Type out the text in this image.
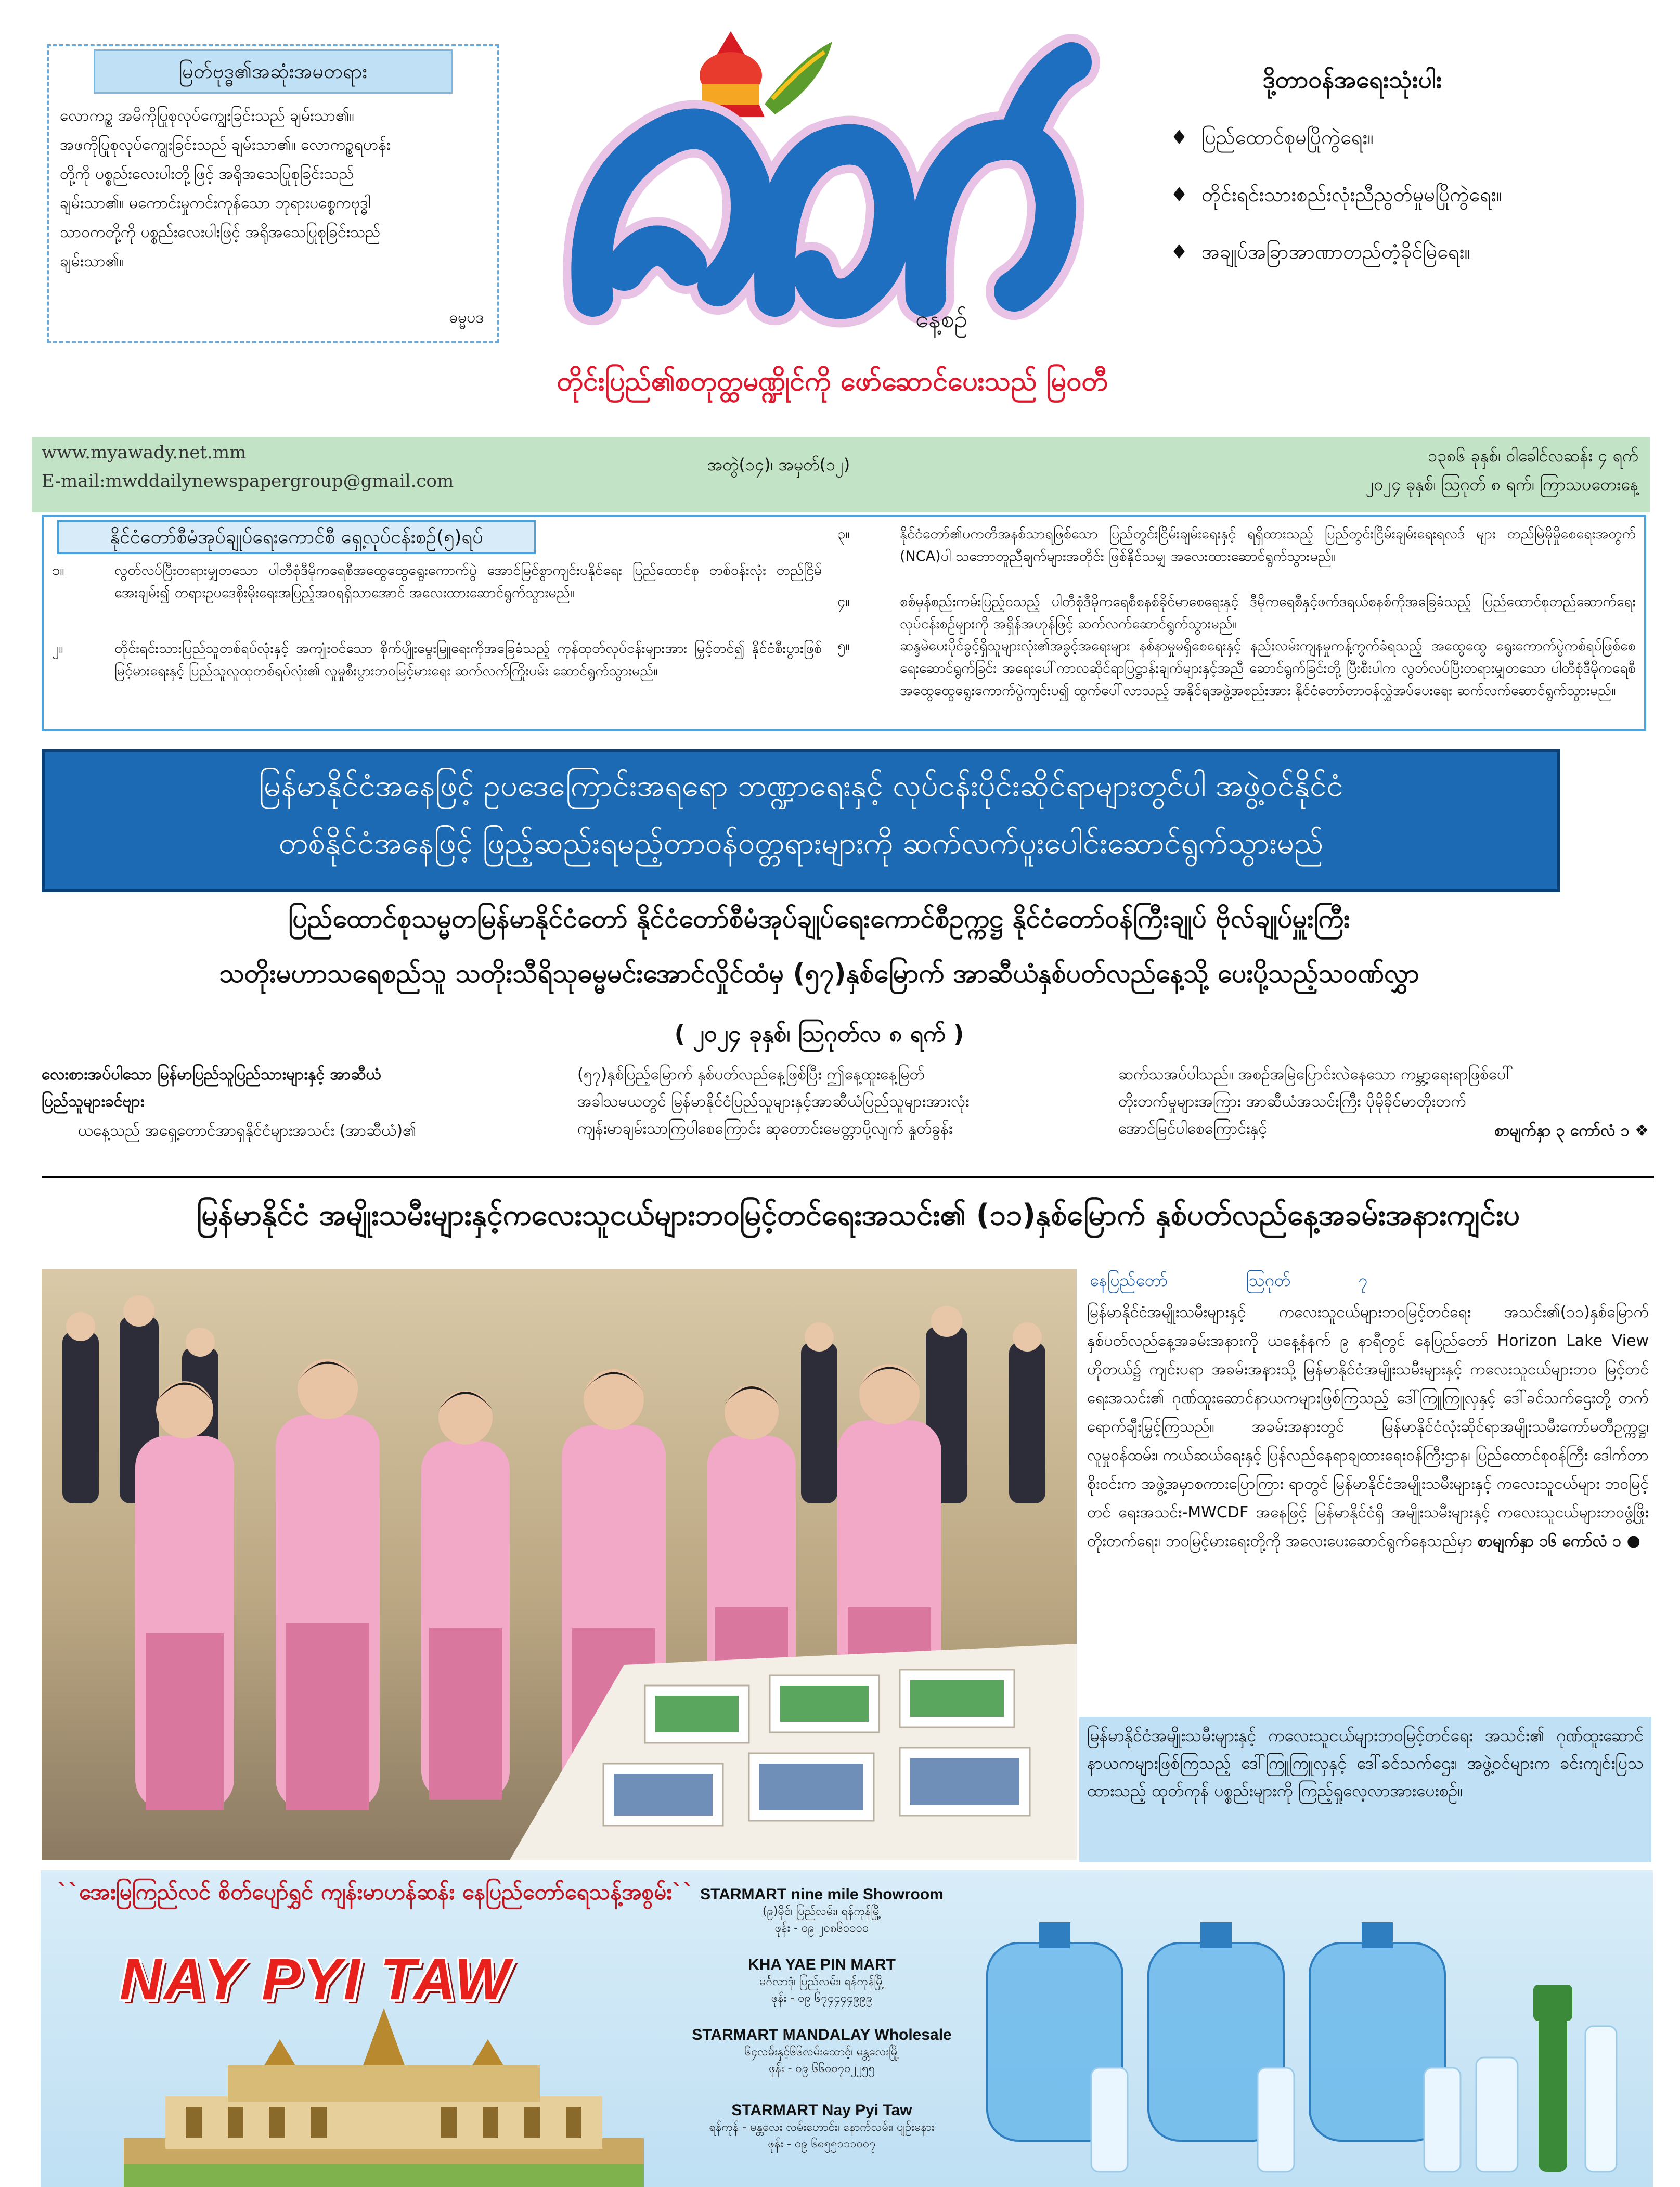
မြတ်ဗုဒ္ဓ၏အဆုံးအမတရား
လောကဥ္စ အမိကိုပြုစုလုပ်ကျွေးခြင်းသည် ချမ်းသာ၏။
အဖကိုပြုစုလုပ်ကျွေးခြင်းသည် ချမ်းသာ၏။ လောကဥ္စရဟန်း
တို့ကို ပစ္စည်းလေးပါးတို့ဖြင့် အရိုအသေပြုစုခြင်းသည်
ချမ်းသာ၏။ မကောင်းမှုကင်းကုန်သော ဘုရားပစ္စေကဗုဒ္ဓါ
သာဝကတို့ကို ပစ္စည်းလေးပါးဖြင့် အရိုအသေပြုစုခြင်းသည်
ချမ်းသာ၏။
ဓမ္မပဒ	နေ့စဉ်
တိုင်းပြည်၏စတုတ္ထမဏ္ဍိုင်ကို ဖော်ဆောင်ပေးသည် မြဝတီ
ဒို့တာဝန်အရေးသုံးပါး
♦ ပြည်ထောင်စုမပြိုကွဲရေး။
♦ တိုင်းရင်းသားစည်းလုံးညီညွတ်မှုမပြိုကွဲရေး။
♦ အချုပ်အခြာအာဏာတည်တံ့ခိုင်မြဲရေး။
www.myawady.net.mm
E-mail:mwddailynewspapergroup@gmail.com
အတွဲ(၁၄)၊ အမှတ်(၁၂)	၁၃၈၆ ခုနှစ်၊ ဝါခေါင်လဆန်း ၄ ရက်
၂၀၂၄ ခုနှစ်၊ ဩဂုတ် ၈ ရက်၊ ကြာသပတေးနေ့
နိုင်ငံတော်စီမံအုပ်ချုပ်ရေးကောင်စီ ရှေ့လုပ်ငန်းစဉ်(၅)ရပ်
၁။	လွတ်လပ်ပြီးတရားမျှတသော ပါတီစုံဒီမိုကရေစီအထွေထွေရွေးကောက်ပွဲ အောင်မြင်စွာကျင်းပနိုင်ရေး ပြည်ထောင်စု တစ်ဝန်းလုံး တည်ငြိမ်အေးချမ်း၍ တရားဥပဒေစိုးမိုးရေးအပြည့်အဝရရှိသာအောင် အလေးထားဆောင်ရွက်သွားမည်။
၂။	တိုင်းရင်းသားပြည်သူတစ်ရပ်လုံးနှင့် အကျုံးဝင်သော စိုက်ပျိုးမွေးမြူရေးကိုအခြေခံသည့် ကုန်ထုတ်လုပ်ငန်းများအား မြှင့်တင်၍ နိုင်ငံစီးပွားဖြစ်မြင့်မားရေးနှင့် ပြည်သူလူထုတစ်ရပ်လုံး၏ လူမှုစီးပွားဘဝမြင့်မားရေး ဆက်လက်ကြိုးပမ်း ဆောင်ရွက်သွားမည်။
၃။	နိုင်ငံတော်၏ပကတိအနစ်သာရဖြစ်သော ပြည်တွင်းငြိမ်းချမ်းရေးနှင့် ရရှိထားသည့် ပြည်တွင်းငြိမ်းချမ်းရေးရလဒ် များ တည်မြဲမိုမှိုစေရေးအတွက် (NCA)ပါ သဘောတူညီချက်များအတိုင်း ဖြစ်နိုင်သမျှ အလေးထားဆောင်ရွက်သွားမည်။
၄။	စစ်မှန်စည်းကမ်းပြည့်ဝသည့် ပါတီစုံဒီမိုကရေစီစနစ်ခိုင်မာစေရေးနှင့် ဒီမိုကရေစီနှင့်ဖက်ဒရယ်စနစ်ကိုအခြေခံသည့် ပြည်ထောင်စုတည်ဆောက်ရေးလုပ်ငန်းစဉ်များကို အရှိန်အဟုန်ဖြင့် ဆက်လက်ဆောင်ရွက်သွားမည်။
၅။	ဆန္ဒမဲပေးပိုင်ခွင့်ရှိသူများလုံး၏အခွင့်အရေးများ နစ်နာမှုမရှိစေရေးနှင့် နည်းလမ်းကျနမှုကန့်ကွက်ခံရသည့် အထွေထွေ ရွေးကောက်ပွဲကစ်ရပ်ဖြစ်စေရေးဆောင်ရွက်ခြင်း အရေးပေါ်ကာလဆိုင်ရာပြဋ္ဌာန်းချက်များနှင့်အညီ ဆောင်ရွက်ခြင်းတို့ ပြီးစီးပါက လွတ်လပ်ပြီးတရားမျှတသော ပါတီစုံဒီမိုကရေစီအထွေထွေရွေးကောက်ပွဲကျင်းပ၍ ထွက်ပေါ်လာသည့် အနိုင်ရအဖွဲ့အစည်းအား နိုင်ငံတော်တာဝန်လွှဲအပ်ပေးရေး ဆက်လက်ဆောင်ရွက်သွားမည်။
မြန်မာနိုင်ငံအနေဖြင့် ဥပဒေကြောင်းအရရော ဘဏ္ဍာရေးနှင့် လုပ်ငန်းပိုင်းဆိုင်ရာများတွင်ပါ အဖွဲ့ဝင်နိုင်ငံ
တစ်နိုင်ငံအနေဖြင့် ဖြည့်ဆည်းရမည့်တာဝန်ဝတ္တရားများကို ဆက်လက်ပူးပေါင်းဆောင်ရွက်သွားမည်
ပြည်ထောင်စုသမ္မတမြန်မာနိုင်ငံတော် နိုင်ငံတော်စီမံအုပ်ချုပ်ရေးကောင်စီဥက္ကဋ္ဌ နိုင်ငံတော်ဝန်ကြီးချုပ် ဗိုလ်ချုပ်မှူးကြီး
သတိုးမဟာသရေစည်သူ သတိုးသီရိသုဓမ္မမင်းအောင်လှိုင်ထံမှ (၅၇)နှစ်မြောက် အာဆီယံနှစ်ပတ်လည်နေ့သို့ ပေးပို့သည့်သဝဏ်လွှာ
( ၂၀၂၄ ခုနှစ်၊ ဩဂုတ်လ ၈ ရက် )
လေးစားအပ်ပါသော မြန်မာပြည်သူပြည်သားများနှင့် အာဆီယံ
ပြည်သူများခင်ဗျား
ယနေ့သည် အရှေ့တောင်အာရှနိုင်ငံများအသင်း (အာဆီယံ)၏
(၅၇)နှစ်ပြည့်မြောက် နှစ်ပတ်လည်နေ့ဖြစ်ပြီး ဤနေ့ထူးနေ့မြတ်
အခါသမယတွင် မြန်မာနိုင်ငံပြည်သူများနှင့်အာဆီယံပြည်သူများအားလုံး
ကျန်းမာချမ်းသာကြပါစေကြောင်း ဆုတောင်းမေတ္တာပို့လျက် နှုတ်ခွန်း
ဆက်သအပ်ပါသည်။ အစဉ်အမြဲပြောင်းလဲနေသော ကမ္ဘာ့ရေးရာဖြစ်ပေါ်
တိုးတက်မှုများအကြား အာဆီယံအသင်းကြီး ပိုမိုခိုင်မာတိုးတက်
အောင်မြင်ပါစေကြောင်းနှင့်	စာမျက်နှာ ၃ ကော်လံ ၁ ❖
မြန်မာနိုင်ငံ အမျိုးသမီးများနှင့်ကလေးသူငယ်များဘဝမြင့်တင်ရေးအသင်း၏ (၁၁)နှစ်မြောက် နှစ်ပတ်လည်နေ့အခမ်းအနားကျင်းပ
နေပြည်တော်	ဩဂုတ်	၇
မြန်မာနိုင်ငံအမျိုးသမီးများနှင့် ကလေးသူငယ်များဘဝမြင့်တင်ရေး အသင်း၏(၁၁)နှစ်မြောက် နှစ်ပတ်လည်နေ့အခမ်းအနားကို ယနေ့နံနက် ၉ နာရီတွင် နေပြည်တော် Horizon Lake View ဟိုတယ်၌ ကျင်းပရာ အခမ်းအနားသို့ မြန်မာနိုင်ငံအမျိုးသမီးများနှင့် ကလေးသူငယ်များဘဝ မြင့်တင်ရေးအသင်း၏ ဂုဏ်ထူးဆောင်နာယကများဖြစ်ကြသည့် ဒေါ်ကြူကြူလှနှင့် ဒေါ်ခင်သက်ဌေးတို့ တက်ရောက်ချီးမြှင့်ကြသည်။ အခမ်းအနားတွင် မြန်မာနိုင်ငံလုံးဆိုင်ရာအမျိုးသမီးကော်မတီဥက္ကဋ္ဌ၊ လူမှုဝန်ထမ်း၊ ကယ်ဆယ်ရေးနှင့် ပြန်လည်နေရာချထားရေးဝန်ကြီးဌာန၊ ပြည်ထောင်စုဝန်ကြီး ဒေါက်တာစိုးဝင်းက အဖွဲ့အမှာစကားပြောကြား ရာတွင် မြန်မာနိုင်ငံအမျိုးသမီးများနှင့် ကလေးသူငယ်များ ဘဝမြင့်တင် ရေးအသင်း-MWCDF အနေဖြင့် မြန်မာနိုင်ငံရှိ အမျိုးသမီးများနှင့် ကလေးသူငယ်များဘဝဖွံ့ဖြိုးတိုးတက်ရေး၊ ဘဝမြင့်မားရေးတို့ကို အလေးပေးဆောင်ရွက်နေသည်မှာ စာမျက်နှာ ၁၆ ကော်လံ ၁ ●
မြန်မာနိုင်ငံအမျိုးသမီးများနှင့် ကလေးသူငယ်များဘဝမြင့်တင်ရေး အသင်း၏ ဂုဏ်ထူးဆောင်နာယကများဖြစ်ကြသည့် ဒေါ်ကြူကြူလှနှင့် ဒေါ်ခင်သက်ဌေး၊ အဖွဲ့ဝင်များက ခင်းကျင်းပြသထားသည့် ထုတ်ကုန် ပစ္စည်းများကို ကြည့်ရှုလေ့လာအားပေးစဉ်။
``အေးမြကြည်လင် စိတ်ပျော်ရွှင် ကျန်းမာဟန်ဆန်း နေပြည်တော်ရေသန့်အစွမ်း``
NAY PYI TAW
STARMART nine mile Showroom
(၉)မိုင်၊ ပြည်လမ်း၊ ရန်ကုန်မြို့
ဖုန်း - ၀၉ ၂၀၈၆၀၁၀၀
KHA YAE PIN MART
မင်္ဂလာဒုံ၊ ပြည်လမ်း၊ ရန်ကုန်မြို့
ဖုန်း - ၀၉ ၆၇၄၄၄၄၉၉၉
STARMART MANDALAY Wholesale
၆၄လမ်းနှင့်၆၆လမ်းထောင့်၊ မန္တလေးမြို့
ဖုန်း - ၀၉ ၆၆၀၀၇၀၂၂၅၅
STARMART Nay Pyi Taw
ရန်ကုန် - မန္တလေး လမ်းဟောင်း၊ နောက်လမ်း၊ ပျဉ်းမနား
ဖုန်း - ၀၉ ၆၈၅၅၁၁၁၀၀၇
